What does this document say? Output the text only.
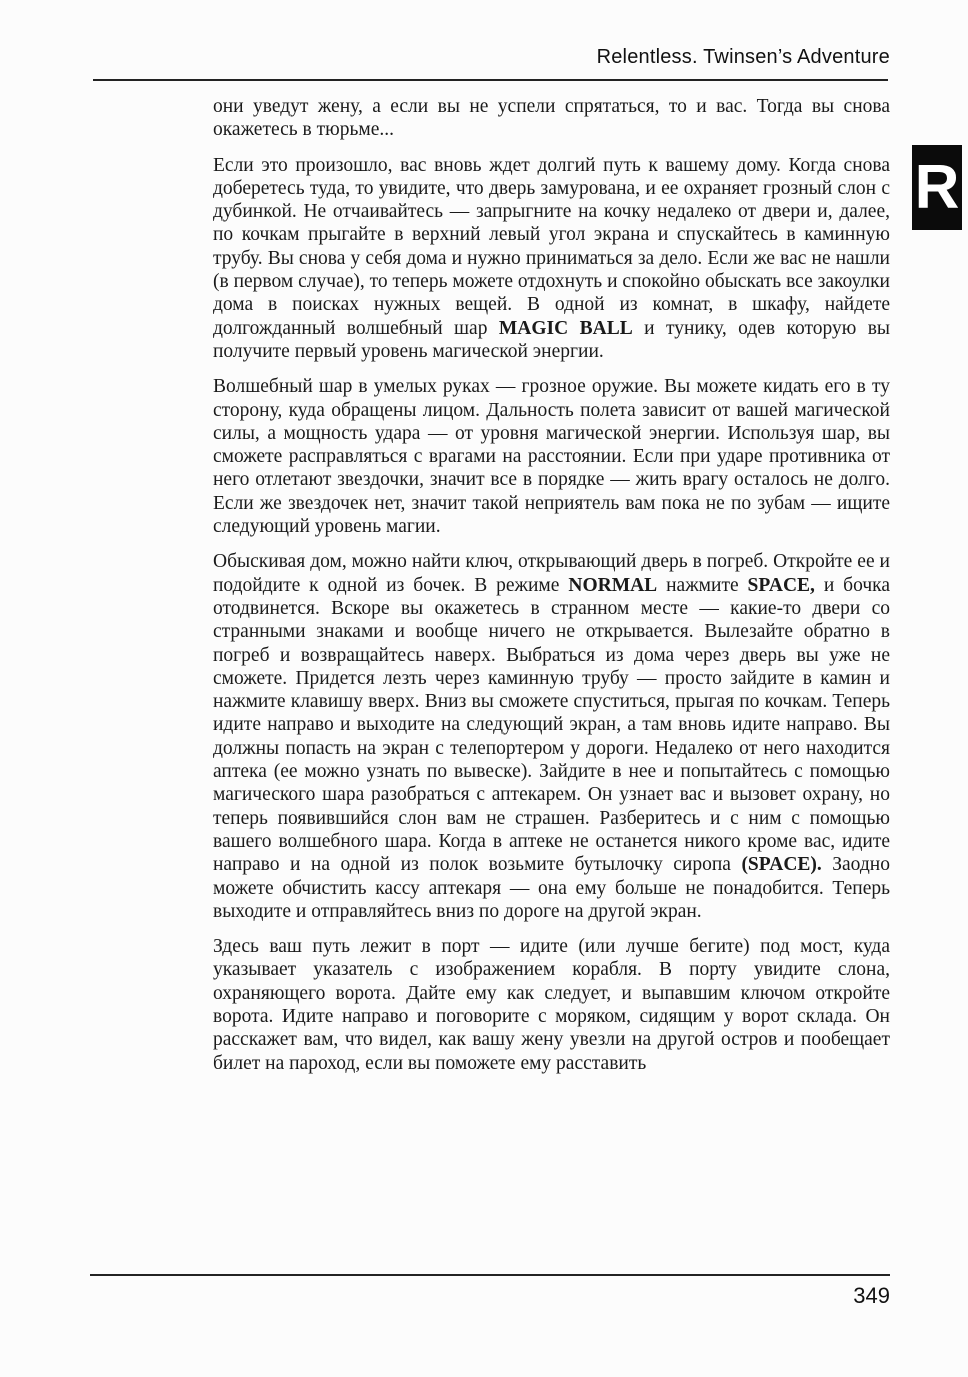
Relentless. Twinsen’s Adventure
R

они уведут жену, а если вы не успели спрятаться, то и вас. Тогда вы снова окажетесь в тюрьме...

Если это произошло, вас вновь ждет долгий путь к вашему дому. Когда снова доберетесь туда, то увидите, что дверь замурована, и ее охраняет грозный слон с дубинкой. Не отчаивайтесь — запрыгните на кочку недалеко от двери и, далее, по кочкам прыгайте в верхний левый угол экрана и спускайтесь в каминную трубу. Вы снова у себя дома и нужно приниматься за дело. Если же вас не нашли (в первом случае), то теперь можете отдохнуть и спокойно обыскать все закоулки дома в поисках нужных вещей. В одной из комнат, в шкафу, найдете долгожданный волшебный шар MAGIC BALL и тунику, одев которую вы получите первый уровень магической энергии.

Волшебный шар в умелых руках — грозное оружие. Вы можете кидать его в ту сторону, куда обращены лицом. Дальность полета зависит от вашей магической силы, а мощность удара — от уровня магической энергии. Используя шар, вы сможете расправляться с врагами на расстоянии. Если при ударе противника от него отлетают звездочки, значит все в порядке — жить врагу осталось не долго. Если же звездочек нет, значит такой неприятель вам пока не по зубам — ищите следующий уровень магии.

Обыскивая дом, можно найти ключ, открывающий дверь в погреб. Откройте ее и подойдите к одной из бочек. В режиме NORMAL нажмите SPACE, и бочка отодвинется. Вскоре вы окажетесь в странном месте — какие-то двери со странными знаками и вообще ничего не открывается. Вылезайте обратно в погреб и возвращайтесь наверх. Выбраться из дома через дверь вы уже не сможете. Придется лезть через каминную трубу — просто зайдите в камин и нажмите клавишу вверх. Вниз вы сможете спуститься, прыгая по кочкам. Теперь идите направо и выходите на следующий экран, а там вновь идите направо. Вы должны попасть на экран с телепортером у дороги. Недалеко от него находится аптека (ее можно узнать по вывеске). Зайдите в нее и попытайтесь с помощью магического шара разобраться с аптекарем. Он узнает вас и вызовет охрану, но теперь появившийся слон вам не страшен. Разберитесь и с ним с помощью вашего волшебного шара. Когда в аптеке не останется никого кроме вас, идите направо и на одной из полок возьмите бутылочку сиропа (SPACE). Заодно можете обчистить кассу аптекаря — она ему больше не понадобится. Теперь выходите и отправляйтесь вниз по дороге на другой экран.

Здесь ваш путь лежит в порт — идите (или лучше бегите) под мост, куда указывает указатель с изображением корабля. В порту увидите слона, охраняющего ворота. Дайте ему как следует, и выпавшим ключом откройте ворота. Идите направо и поговорите с моряком, сидящим у ворот склада. Он расскажет вам, что видел, как вашу жену увезли на другой остров и пообещает билет на пароход, если вы поможете ему расставить

349
